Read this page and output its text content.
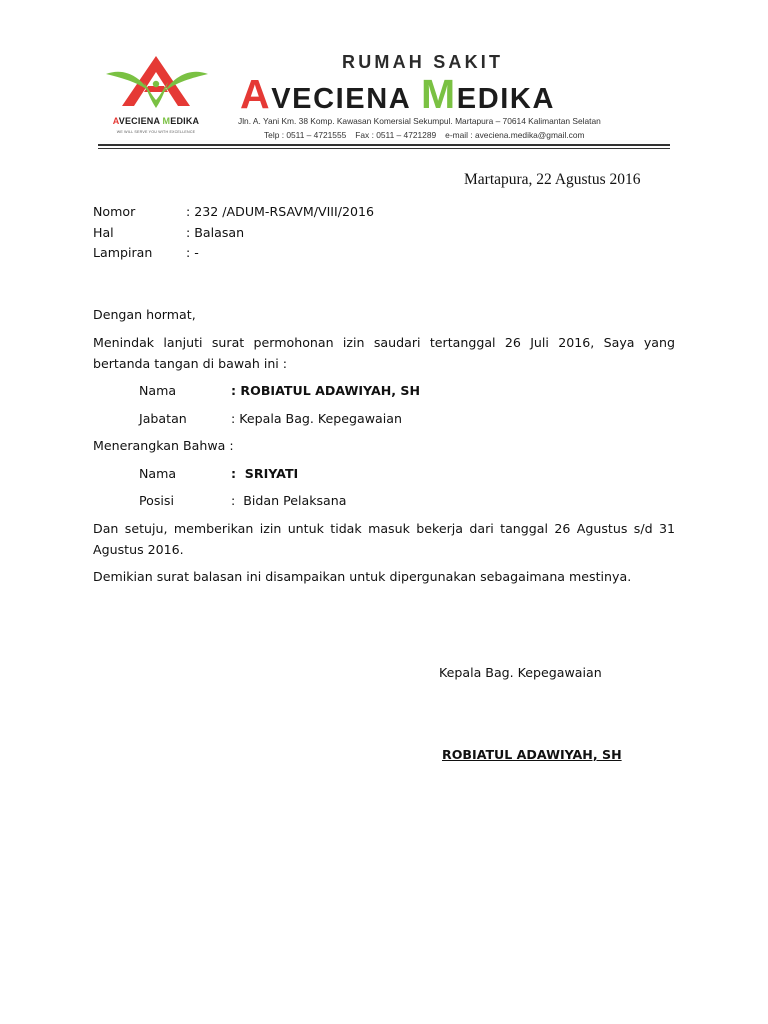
AVECIENA MEDIKA
WE WILL SERVE YOU WITH EXCELLENCE
RUMAH SAKIT
AVECIENA MEDIKA
Jln. A. Yani Km. 38 Komp. Kawasan Komersial Sekumpul. Martapura – 70614 Kalimantan Selatan
Telp : 0511 – 4721555 Fax : 0511 – 4721289 e-mail : aveciena.medika@gmail.com
Martapura, 22 Agustus 2016
Nomor	: 232 /ADUM-RSAVM/VIII/2016
Hal	: Balasan
Lampiran	: -
Dengan hormat,
Menindak lanjuti surat permohonan izin saudari tertanggal 26 Juli 2016, Saya yang bertanda tangan di bawah ini :
Nama	: ROBIATUL ADAWIYAH, SH
Jabatan	: Kepala Bag. Kepegawaian
Menerangkan Bahwa :
Nama	:  SRIYATI
Posisi	:  Bidan Pelaksana
Dan setuju, memberikan izin untuk tidak masuk bekerja dari tanggal 26 Agustus s/d 31 Agustus 2016.
Demikian surat balasan ini disampaikan untuk dipergunakan sebagaimana mestinya.
Kepala Bag. Kepegawaian
ROBIATUL ADAWIYAH, SH
